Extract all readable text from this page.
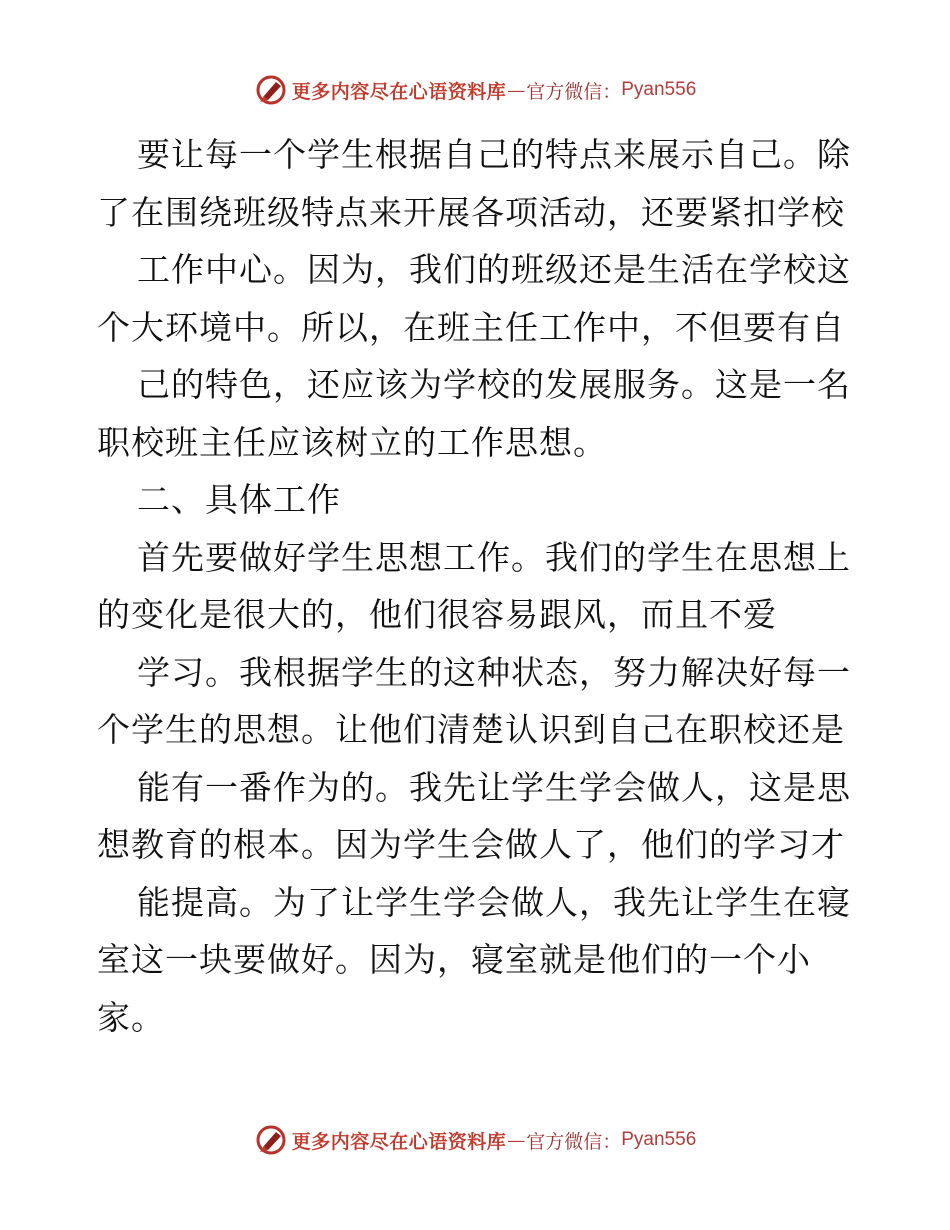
更多内容尽在心语资料库 — 官方微信： Pyan556
要让每一个学生根据自己的特点来展示自己。除
了在围绕班级特点来开展各项活动，还要紧扣学校
工作中心。因为，我们的班级还是生活在学校这
个大环境中。所以，在班主任工作中，不但要有自
己的特色，还应该为学校的发展服务。这是一名
职校班主任应该树立的工作思想。
二、具体工作
首先要做好学生思想工作。我们的学生在思想上
的变化是很大的，他们很容易跟风，而且不爱
学习。我根据学生的这种状态，努力解决好每一
个学生的思想。让他们清楚认识到自己在职校还是
能有一番作为的。我先让学生学会做人，这是思
想教育的根本。因为学生会做人了，他们的学习才
能提高。为了让学生学会做人，我先让学生在寝
室这一块要做好。因为，寝室就是他们的一个小
家。
更多内容尽在心语资料库 — 官方微信： Pyan556
